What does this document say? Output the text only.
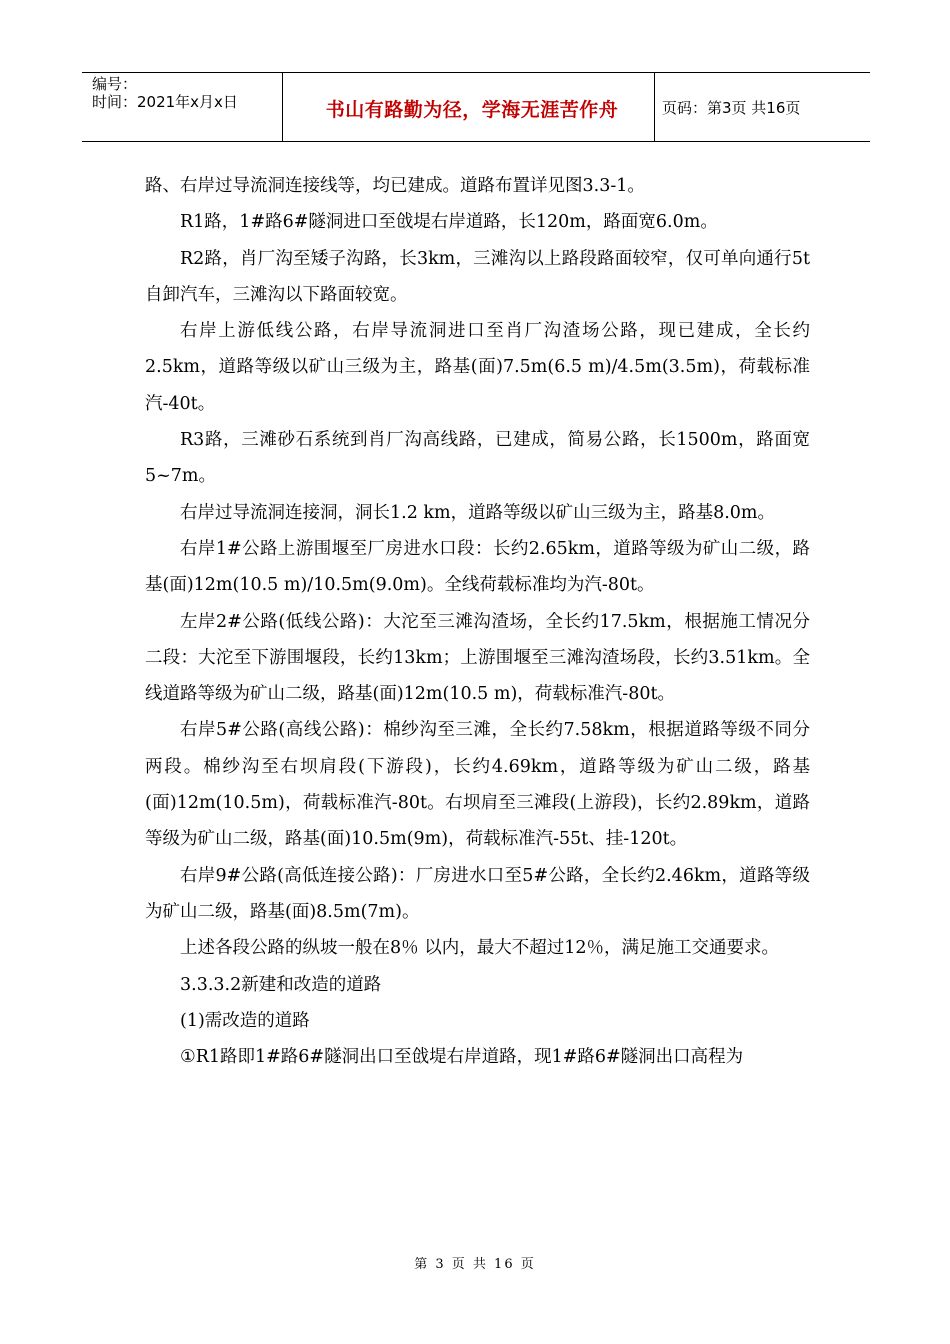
编号：
时间：2021年x月x日	书山有路勤为径，学海无涯苦作舟	页码：第3页 共16页

路、右岸过导流洞连接线等，均已建成。道路布置详见图3.3-1。

R1路，1#路6#隧洞进口至戗堤右岸道路，长120m，路面宽6.0m。

R2路，肖厂沟至矮子沟路，长3km，三滩沟以上路段路面较窄，仅可单向通行5t自卸汽车，三滩沟以下路面较宽。

右岸上游低线公路，右岸导流洞进口至肖厂沟渣场公路，现已建成，全长约2.5km，道路等级以矿山三级为主，路基(面)7.5m(6.5 m)/4.5m(3.5m)，荷载标准汽-40t。

R3路，三滩砂石系统到肖厂沟高线路，已建成，简易公路，长1500m，路面宽5~7m。

右岸过导流洞连接洞，洞长1.2 km，道路等级以矿山三级为主，路基8.0m。

右岸1#公路上游围堰至厂房进水口段：长约2.65km，道路等级为矿山二级，路基(面)12m(10.5 m)/10.5m(9.0m)。全线荷载标准均为汽-80t。

左岸2#公路(低线公路)：大沱至三滩沟渣场，全长约17.5km，根据施工情况分二段：大沱至下游围堰段，长约13km；上游围堰至三滩沟渣场段，长约3.51km。全线道路等级为矿山二级，路基(面)12m(10.5 m)，荷载标准汽-80t。

右岸5#公路(高线公路)：棉纱沟至三滩，全长约7.58km，根据道路等级不同分两段。棉纱沟至右坝肩段(下游段)，长约4.69km，道路等级为矿山二级，路基(面)12m(10.5m)，荷载标准汽-80t。右坝肩至三滩段(上游段)，长约2.89km，道路等级为矿山二级，路基(面)10.5m(9m)，荷载标准汽-55t、挂-120t。

右岸9#公路(高低连接公路)：厂房进水口至5#公路，全长约2.46km，道路等级为矿山二级，路基(面)8.5m(7m)。

上述各段公路的纵坡一般在8％ 以内，最大不超过12％，满足施工交通要求。

3.3.3.2新建和改造的道路

(1)需改造的道路

①R1路即1#路6#隧洞出口至戗堤右岸道路，现1#路6#隧洞出口高程为

第 3 页 共 16 页
